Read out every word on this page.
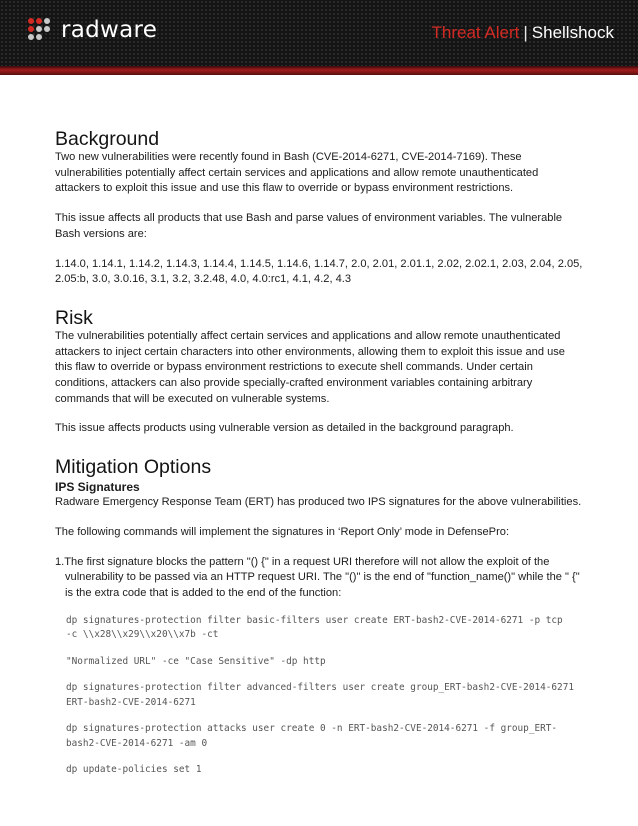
radware	Threat Alert | Shellshock
Background

Two new vulnerabilities were recently found in Bash (CVE-2014-6271, CVE-2014-7169). These vulnerabilities potentially affect certain services and applications and allow remote unauthenticated attackers to exploit this issue and use this flaw to override or bypass environment restrictions.

This issue affects all products that use Bash and parse values of environment variables. The vulnerable Bash versions are:

1.14.0, 1.14.1, 1.14.2, 1.14.3, 1.14.4, 1.14.5, 1.14.6, 1.14.7, 2.0, 2.01, 2.01.1, 2.02, 2.02.1, 2.03, 2.04, 2.05, 2.05:b, 3.0, 3.0.16, 3.1, 3.2, 3.2.48, 4.0, 4.0:rc1, 4.1, 4.2, 4.3

Risk

The vulnerabilities potentially affect certain services and applications and allow remote unauthenticated attackers to inject certain characters into other environments, allowing them to exploit this issue and use this flaw to override or bypass environment restrictions to execute shell commands. Under certain conditions, attackers can also provide specially-crafted environment variables containing arbitrary commands that will be executed on vulnerable systems.

This issue affects products using vulnerable version as detailed in the background paragraph.

Mitigation Options
IPS Signatures

Radware Emergency Response Team (ERT) has produced two IPS signatures for the above vulnerabilities.

The following commands will implement the signatures in ‘Report Only’ mode in DefensePro:

1.The first signature blocks the pattern "() {" in a request URI therefore will not allow the exploit of the vulnerability to be passed via an HTTP request URI. The "()" is the end of "function_name()" while the " {" is the extra code that is added to the end of the function:
dp signatures-protection filter basic-filters user create ERT-bash2-CVE-2014-6271 -p tcp
-c \\x28\\x29\\x20\\x7b -ct
"Normalized URL" -ce "Case Sensitive" -dp http
dp signatures-protection filter advanced-filters user create group_ERT-bash2-CVE-2014-6271
ERT-bash2-CVE-2014-6271
dp signatures-protection attacks user create 0 -n ERT-bash2-CVE-2014-6271 -f group_ERT-
bash2-CVE-2014-6271 -am 0
dp update-policies set 1
